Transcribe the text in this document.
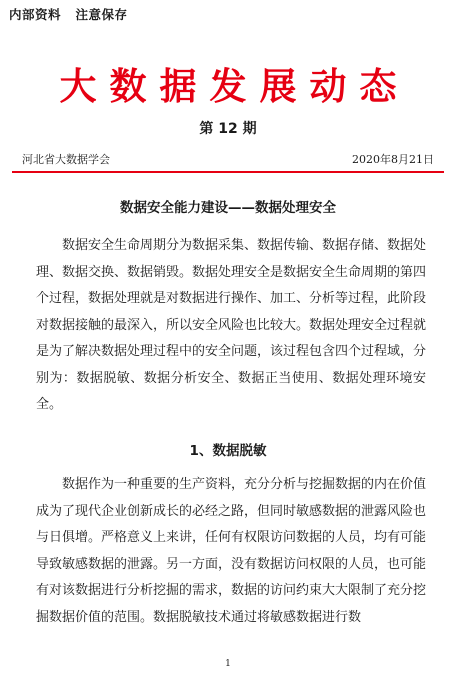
内部资料   注意保存
大数据发展动态
第 12 期
河北省大数据学会	2020年8月21日
数据安全能力建设——数据处理安全

数据安全生命周期分为数据采集、数据传输、数据存储、数据处理、数据交换、数据销毁。数据处理安全是数据安全生命周期的第四个过程，数据处理就是对数据进行操作、加工、分析等过程，此阶段对数据接触的最深入，所以安全风险也比较大。数据处理安全过程就是为了解决数据处理过程中的安全问题，该过程包含四个过程域，分别为：数据脱敏、数据分析安全、数据正当使用、数据处理环境安全。

1、数据脱敏

数据作为一种重要的生产资料，充分分析与挖掘数据的内在价值成为了现代企业创新成长的必经之路，但同时敏感数据的泄露风险也与日俱增。严格意义上来讲，任何有权限访问数据的人员，均有可能导致敏感数据的泄露。另一方面，没有数据访问权限的人员，也可能有对该数据进行分析挖掘的需求，数据的访问约束大大限制了充分挖掘数据价值的范围。数据脱敏技术通过将敏感数据进行数

1
